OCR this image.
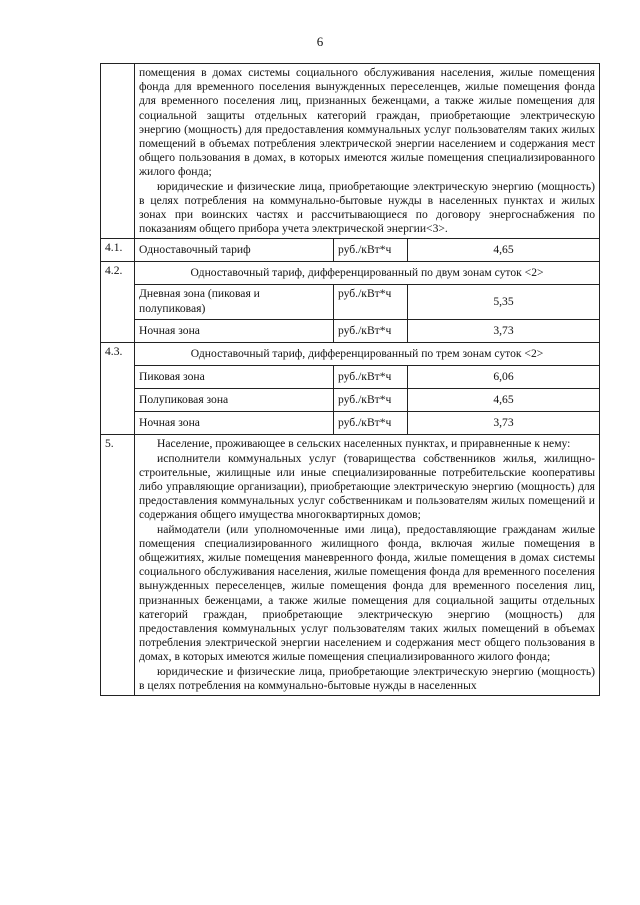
6

	помещения в домах системы социального обслуживания населения, жилые помещения фонда для временного поселения вынужденных переселенцев, жилые помещения фонда для временного поселения лиц, признанных беженцами, а также жилые помещения для социальной защиты отдельных категорий граждан, приобретающие электрическую энергию (мощность) для предоставления коммунальных услуг пользователям таких жилых помещений в объемах потребления электрической энергии населением и содержания мест общего пользования в домах, в которых имеются жилые помещения специализированного жилого фонда;

юридические и физические лица, приобретающие электрическую энергию (мощность) в целях потребления на коммунально-бытовые нужды в населенных пунктах и жилых зонах при воинских частях и рассчитывающиеся по договору энергоснабжения по показаниям общего прибора учета электрической энергии<3>.		

4.1.	Одноставочный тариф	руб./кВт*ч	4,65
4.2.	Одноставочный тариф, дифференцированный по двум зонам суток <2>		
	Дневная зона (пиковая и полупиковая)	руб./кВт*ч	5,35
	Ночная зона	руб./кВт*ч	3,73
4.3.	Одноставочный тариф, дифференцированный по трем зонам суток <2>		
	Пиковая зона	руб./кВт*ч	6,06
	Полупиковая зона	руб./кВт*ч	4,65
	Ночная зона	руб./кВт*ч	3,73
5.	Население, проживающее в сельских населенных пунктах, и приравненные к нему:

исполнители коммунальных услуг (товарищества собственников жилья, жилищно-строительные, жилищные или иные специализированные потребительские кооперативы либо управляющие организации), приобретающие электрическую энергию (мощность) для предоставления коммунальных услуг собственникам и пользователям жилых помещений и содержания общего имущества многоквартирных домов;

наймодатели (или уполномоченные ими лица), предоставляющие гражданам жилые помещения специализированного жилищного фонда, включая жилые помещения в общежитиях, жилые помещения маневренного фонда, жилые помещения в домах системы социального обслуживания населения, жилые помещения фонда для временного поселения вынужденных переселенцев, жилые помещения фонда для временного поселения лиц, признанных беженцами, а также жилые помещения для социальной защиты отдельных категорий граждан, приобретающие электрическую энергию (мощность) для предоставления коммунальных услуг пользователям таких жилых помещений в объемах потребления электрической энергии населением и содержания мест общего пользования в домах, в которых имеются жилые помещения специализированного жилого фонда;

юридические и физические лица, приобретающие электрическую энергию (мощность) в целях потребления на коммунально-бытовые нужды в населенных		
